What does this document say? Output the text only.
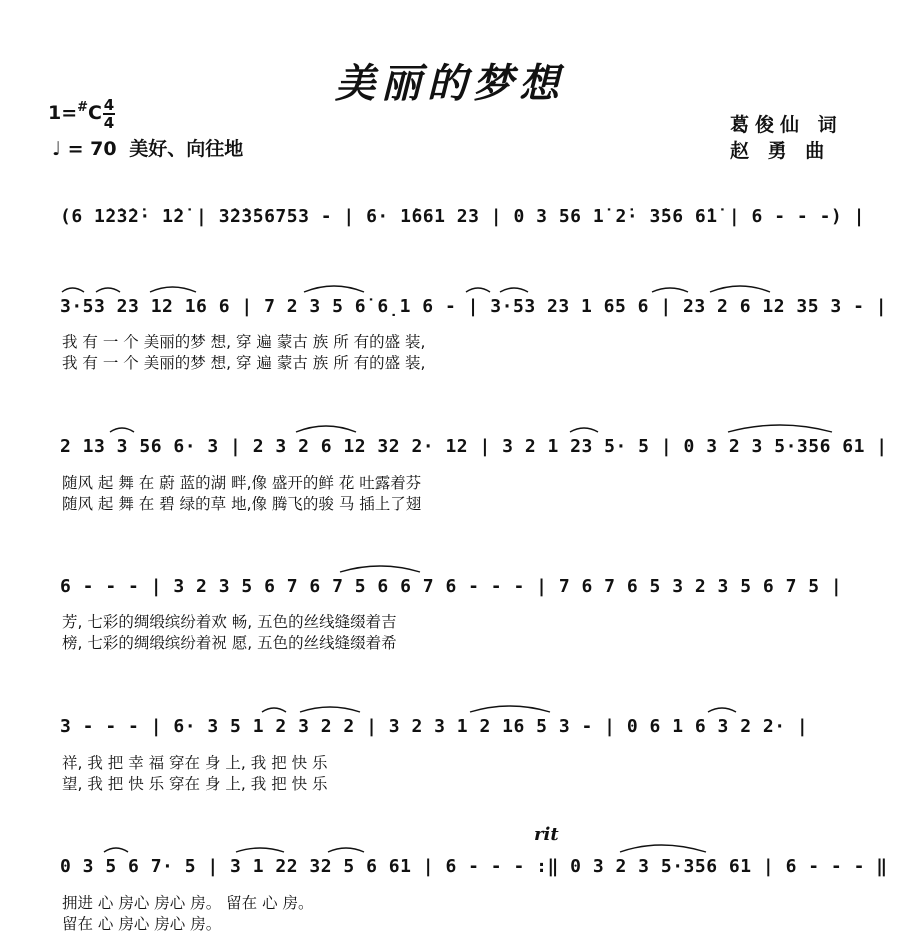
美丽的梦想
1=#C 4
4
♩ = 70 美好、向往地
葛俊仙 词
赵 勇 曲
rit
(6 1̇2̇3̇2̇· 1̇2̇ | 3̇2̇3̇56753 - | 6· 1̇661 23 | 0 3 56 1̇ 2̇· 3̇56 6̇1̇ | 6 - - -) |
3·53 23 12 16 6 | 7 2 3 5 6̇ 6̣1 6 - | 3·53 23 1 65 6 | 23 2 6 12 35 3 - |
我 有 一 个 美丽的梦 想, 穿 遍 蒙古 族 所 有的盛 装,
我 有 一 个 美丽的梦 想, 穿 遍 蒙古 族 所 有的盛 装,
2 13 3 56 6· 3 | 2 3 2 6 12 32 2· 12 | 3 2 1 23 5· 5 | 0 3 2 3 5·356 61 |
随风 起 舞 在 蔚 蓝的湖 畔,像 盛开的鲜 花 吐露着芬
随风 起 舞 在 碧 绿的草 地,像 腾飞的骏 马 插上了翅
6 - - - | 3 2 3 5 6 7 6 7 5 6 6 7 6 - - - | 7 6 7 6 5 3 2 3 5 6 7 5 |
芳, 七彩的绸缎缤纷着欢 畅, 五色的丝线缝缀着吉
榜, 七彩的绸缎缤纷着祝 愿, 五色的丝线缝缀着希
3 - - - | 6· 3 5 1 2 3 2 2 | 3 2 3 1 2 16 5 3 - | 0 6 1 6 3 2 2· |
祥, 我 把 幸 福 穿在 身 上, 我 把 快 乐
望, 我 把 快 乐 穿在 身 上, 我 把 快 乐
0 3 5 6 7· 5 | 3 1 22 32 5 6 61 | 6 - - - :‖ 0 3 2 3 5·356 61 | 6 - - - ‖
拥进 心 房心 房心 房。 留在 心 房。
留在 心 房心 房心 房。
